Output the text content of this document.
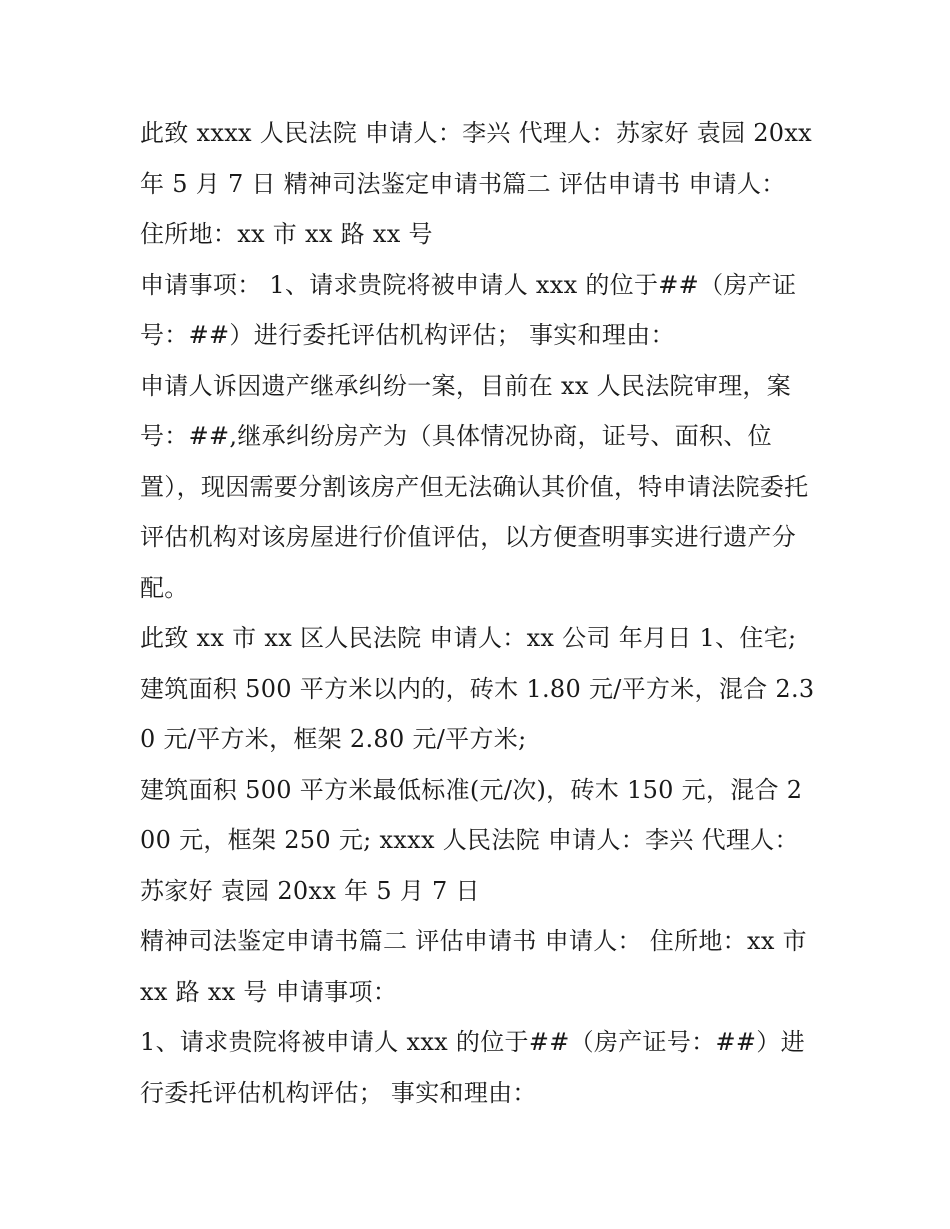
此致 xxxx 人民法院 申请人：李兴 代理人：苏家好 袁园 20xx 年 5 月 7 日 精神司法鉴定申请书篇二 评估申请书 申请人： 住所地：xx 市 xx 路 xx 号

申请事项： 1、请求贵院将被申请人 xxx 的位于##（房产证号：##）进行委托评估机构评估； 事实和理由：

申请人诉因遗产继承纠纷一案，目前在 xx 人民法院审理，案号：##,继承纠纷房产为（具体情况协商，证号、面积、位置），现因需要分割该房产但无法确认其价值，特申请法院委托评估机构对该房屋进行价值评估，以方便查明事实进行遗产分配。

此致 xx 市 xx 区人民法院 申请人：xx 公司 年月日 1、住宅;

建筑面积 500 平方米以内的，砖木 1.80 元/平方米，混合 2.30 元/平方米，框架 2.80 元/平方米;

建筑面积 500 平方米最低标准(元/次)，砖木 150 元，混合 200 元，框架 250 元; xxxx 人民法院 申请人：李兴 代理人：苏家好 袁园 20xx 年 5 月 7 日

精神司法鉴定申请书篇二 评估申请书 申请人： 住所地：xx 市 xx 路 xx 号 申请事项：

1、请求贵院将被申请人 xxx 的位于##（房产证号：##）进行委托评估机构评估； 事实和理由：
